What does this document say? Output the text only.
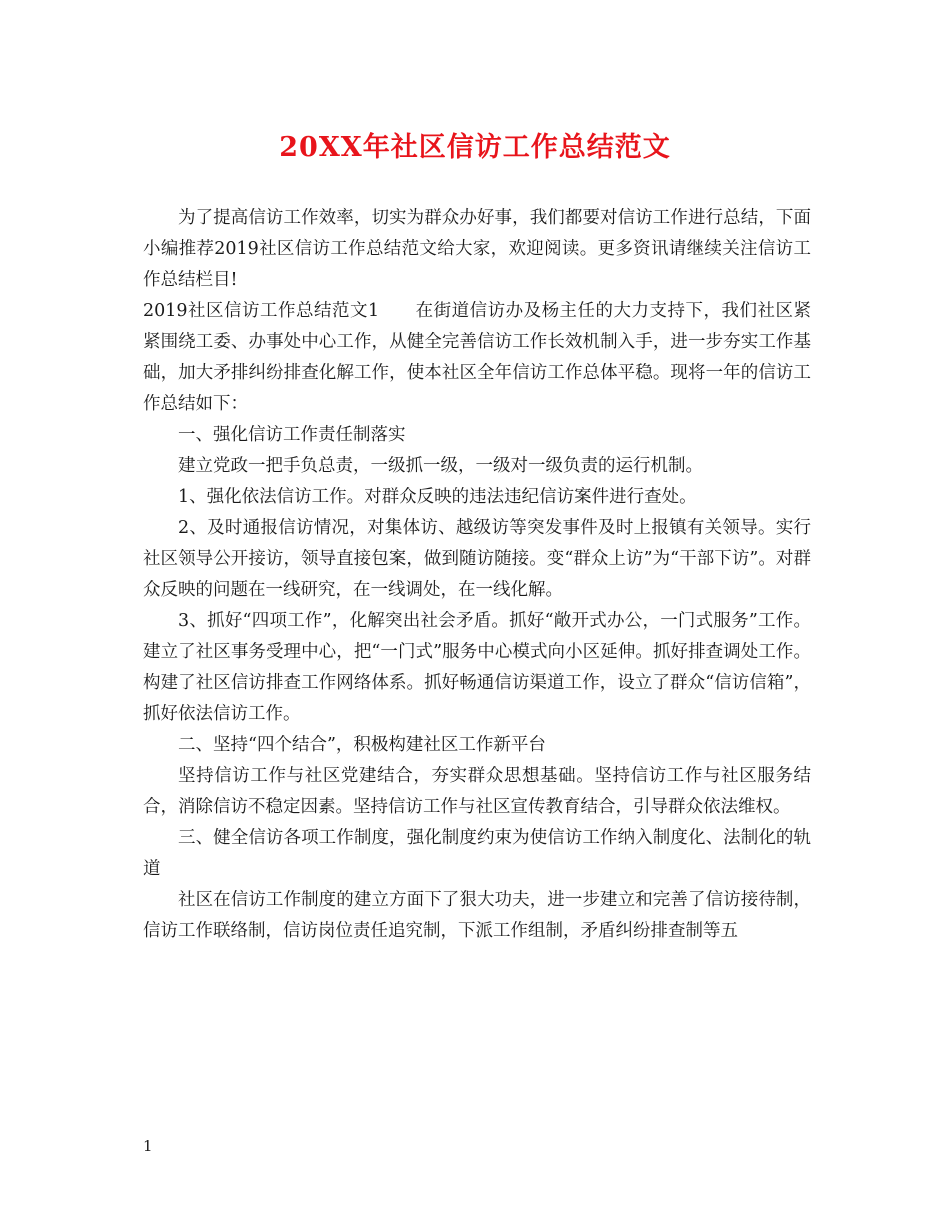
20XX年社区信访工作总结范文

为了提高信访工作效率，切实为群众办好事，我们都要对信访工作进行总结，下面小编推荐2019社区信访工作总结范文给大家，欢迎阅读。更多资讯请继续关注信访工作总结栏目!

2019社区信访工作总结范文1　　在街道信访办及杨主任的大力支持下，我们社区紧紧围绕工委、办事处中心工作，从健全完善信访工作长效机制入手，进一步夯实工作基础，加大矛排纠纷排查化解工作，使本社区全年信访工作总体平稳。现将一年的信访工作总结如下：

一、强化信访工作责任制落实

建立党政一把手负总责，一级抓一级，一级对一级负责的运行机制。

1、强化依法信访工作。对群众反映的违法违纪信访案件进行查处。

2、及时通报信访情况，对集体访、越级访等突发事件及时上报镇有关领导。实行社区领导公开接访，领导直接包案，做到随访随接。变“群众上访”为“干部下访”。对群众反映的问题在一线研究，在一线调处，在一线化解。

3、抓好“四项工作”，化解突出社会矛盾。抓好“敞开式办公，一门式服务”工作。建立了社区事务受理中心，把“一门式”服务中心模式向小区延伸。抓好排查调处工作。构建了社区信访排查工作网络体系。抓好畅通信访渠道工作，设立了群众“信访信箱”，抓好依法信访工作。

二、坚持“四个结合”，积极构建社区工作新平台

坚持信访工作与社区党建结合，夯实群众思想基础。坚持信访工作与社区服务结合，消除信访不稳定因素。坚持信访工作与社区宣传教育结合，引导群众依法维权。

三、健全信访各项工作制度，强化制度约束为使信访工作纳入制度化、法制化的轨道

社区在信访工作制度的建立方面下了狠大功夫，进一步建立和完善了信访接待制，信访工作联络制，信访岗位责任追究制，下派工作组制，矛盾纠纷排查制等五

1
